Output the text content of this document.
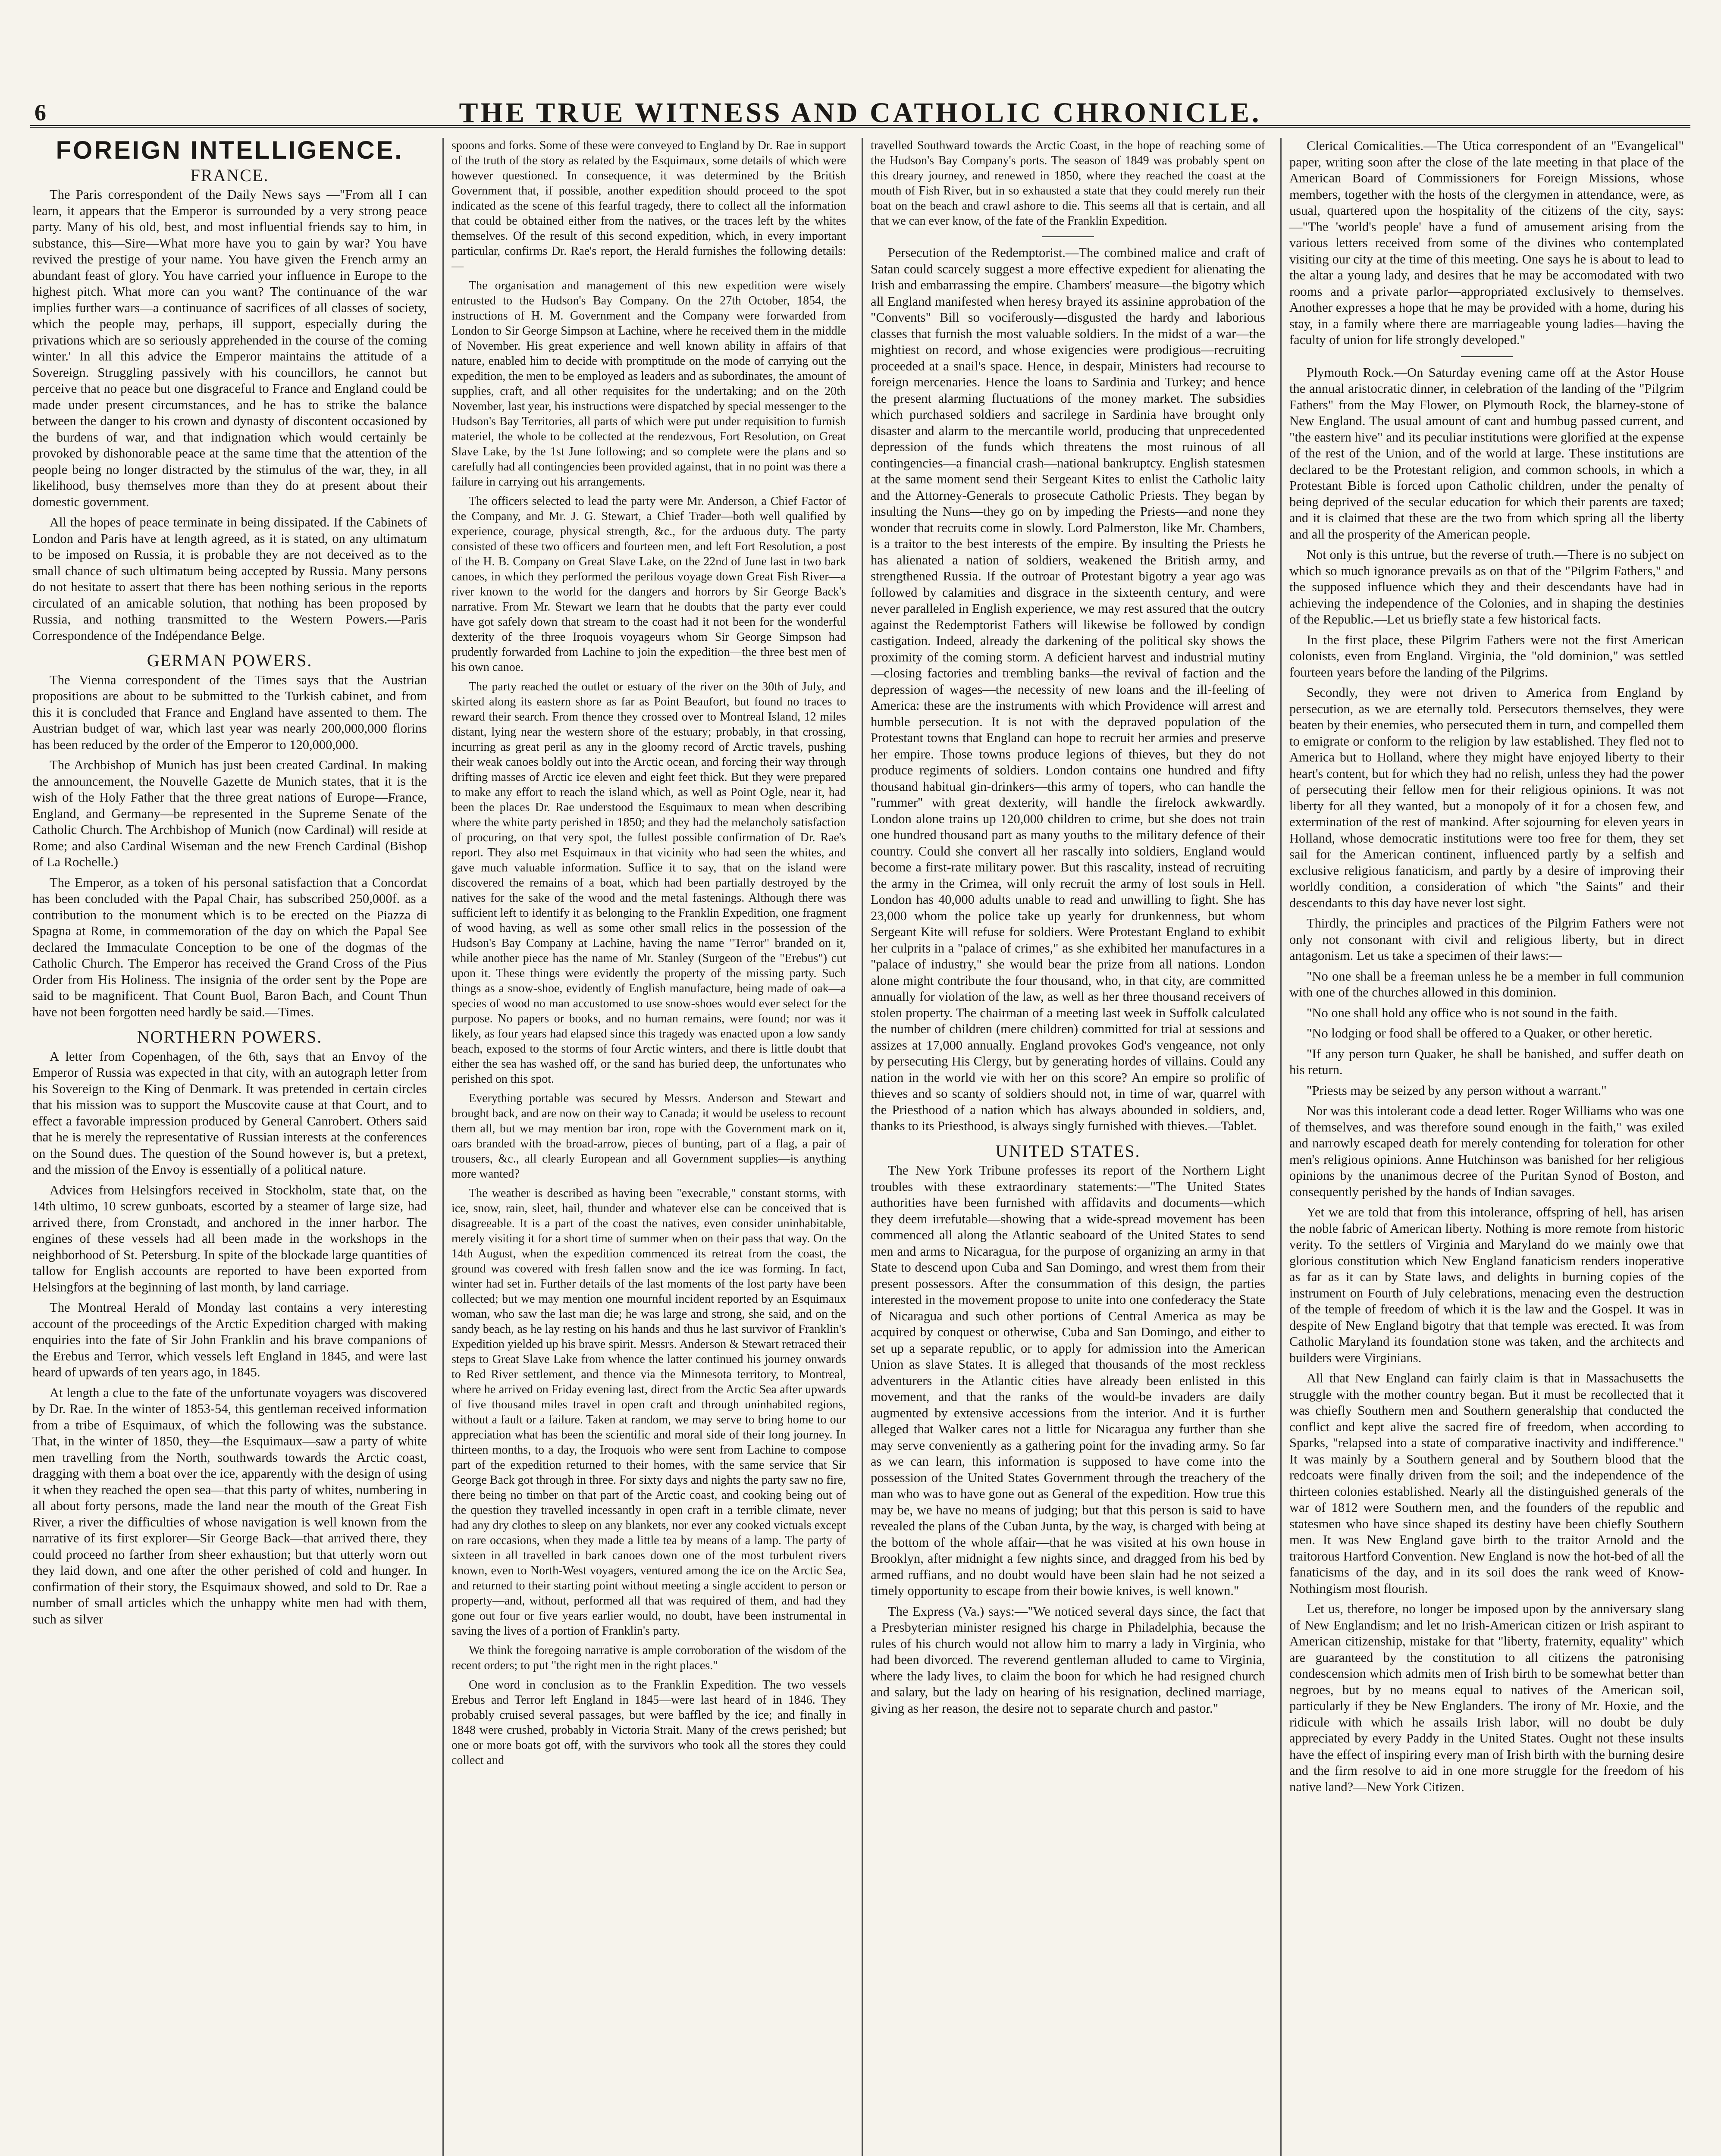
6	THE TRUE WITNESS AND CATHOLIC CHRONICLE.
FOREIGN INTELLIGENCE.
FRANCE.

The Paris correspondent of the Daily News says —"From all I can learn, it appears that the Emperor is surrounded by a very strong peace party. Many of his old, best, and most influential friends say to him, in substance, this—Sire—What more have you to gain by war? You have revived the prestige of your name. You have given the French army an abundant feast of glory. You have carried your influence in Europe to the highest pitch. What more can you want? The continuance of the war implies further wars—a continuance of sacrifices of all classes of society, which the people may, perhaps, ill support, especially during the privations which are so seriously apprehended in the course of the coming winter.' In all this advice the Emperor maintains the attitude of a Sovereign. Struggling passively with his councillors, he cannot but perceive that no peace but one disgraceful to France and England could be made under present circumstances, and he has to strike the balance between the danger to his crown and dynasty of discontent occasioned by the burdens of war, and that indignation which would certainly be provoked by dishonorable peace at the same time that the attention of the people being no longer distracted by the stimulus of the war, they, in all likelihood, busy themselves more than they do at present about their domestic government.

All the hopes of peace terminate in being dissipated. If the Cabinets of London and Paris have at length agreed, as it is stated, on any ultimatum to be imposed on Russia, it is probable they are not deceived as to the small chance of such ultimatum being accepted by Russia. Many persons do not hesitate to assert that there has been nothing serious in the reports circulated of an amicable solution, that nothing has been proposed by Russia, and nothing transmitted to the Western Powers.—Paris Correspondence of the Indépendance Belge.

GERMAN POWERS.

The Vienna correspondent of the Times says that the Austrian propositions are about to be submitted to the Turkish cabinet, and from this it is concluded that France and England have assented to them. The Austrian budget of war, which last year was nearly 200,000,000 florins has been reduced by the order of the Emperor to 120,000,000.

The Archbishop of Munich has just been created Cardinal. In making the announcement, the Nouvelle Gazette de Munich states, that it is the wish of the Holy Father that the three great nations of Europe—France, England, and Germany—be represented in the Supreme Senate of the Catholic Church. The Archbishop of Munich (now Cardinal) will reside at Rome; and also Cardinal Wiseman and the new French Cardinal (Bishop of La Rochelle.)

The Emperor, as a token of his personal satisfaction that a Concordat has been concluded with the Papal Chair, has subscribed 250,000f. as a contribution to the monument which is to be erected on the Piazza di Spagna at Rome, in commemoration of the day on which the Papal See declared the Immaculate Conception to be one of the dogmas of the Catholic Church. The Emperor has received the Grand Cross of the Pius Order from His Holiness. The insignia of the order sent by the Pope are said to be magnificent. That Count Buol, Baron Bach, and Count Thun have not been forgotten need hardly be said.—Times.

NORTHERN POWERS.

A letter from Copenhagen, of the 6th, says that an Envoy of the Emperor of Russia was expected in that city, with an autograph letter from his Sovereign to the King of Denmark. It was pretended in certain circles that his mission was to support the Muscovite cause at that Court, and to effect a favorable impression produced by General Canrobert. Others said that he is merely the representative of Russian interests at the conferences on the Sound dues. The question of the Sound however is, but a pretext, and the mission of the Envoy is essentially of a political nature.

Advices from Helsingfors received in Stockholm, state that, on the 14th ultimo, 10 screw gunboats, escorted by a steamer of large size, had arrived there, from Cronstadt, and anchored in the inner harbor. The engines of these vessels had all been made in the workshops in the neighborhood of St. Petersburg. In spite of the blockade large quantities of tallow for English accounts are reported to have been exported from Helsingfors at the beginning of last month, by land carriage.

The Montreal Herald of Monday last contains a very interesting account of the proceedings of the Arctic Expedition charged with making enquiries into the fate of Sir John Franklin and his brave companions of the Erebus and Terror, which vessels left England in 1845, and were last heard of upwards of ten years ago, in 1845.

At length a clue to the fate of the unfortunate voyagers was discovered by Dr. Rae. In the winter of 1853-54, this gentleman received information from a tribe of Esquimaux, of which the following was the substance. That, in the winter of 1850, they—the Esquimaux—saw a party of white men travelling from the North, southwards towards the Arctic coast, dragging with them a boat over the ice, apparently with the design of using it when they reached the open sea—that this party of whites, numbering in all about forty persons, made the land near the mouth of the Great Fish River, a river the difficulties of whose navigation is well known from the narrative of its first explorer—Sir George Back—that arrived there, they could proceed no farther from sheer exhaustion; but that utterly worn out they laid down, and one after the other perished of cold and hunger. In confirmation of their story, the Esquimaux showed, and sold to Dr. Rae a number of small articles which the unhappy white men had with them, such as silver

spoons and forks. Some of these were conveyed to England by Dr. Rae in support of the truth of the story as related by the Esquimaux, some details of which were however questioned. In consequence, it was determined by the British Government that, if possible, another expedition should proceed to the spot indicated as the scene of this fearful tragedy, there to collect all the information that could be obtained either from the natives, or the traces left by the whites themselves. Of the result of this second expedition, which, in every important particular, confirms Dr. Rae's report, the Herald furnishes the following details:—

The organisation and management of this new expedition were wisely entrusted to the Hudson's Bay Company. On the 27th October, 1854, the instructions of H. M. Government and the Company were forwarded from London to Sir George Simpson at Lachine, where he received them in the middle of November. His great experience and well known ability in affairs of that nature, enabled him to decide with promptitude on the mode of carrying out the expedition, the men to be employed as leaders and as subordinates, the amount of supplies, craft, and all other requisites for the undertaking; and on the 20th November, last year, his instructions were dispatched by special messenger to the Hudson's Bay Territories, all parts of which were put under requisition to furnish materiel, the whole to be collected at the rendezvous, Fort Resolution, on Great Slave Lake, by the 1st June following; and so complete were the plans and so carefully had all contingencies been provided against, that in no point was there a failure in carrying out his arrangements.

The officers selected to lead the party were Mr. Anderson, a Chief Factor of the Company, and Mr. J. G. Stewart, a Chief Trader—both well qualified by experience, courage, physical strength, &c., for the arduous duty. The party consisted of these two officers and fourteen men, and left Fort Resolution, a post of the H. B. Company on Great Slave Lake, on the 22nd of June last in two bark canoes, in which they performed the perilous voyage down Great Fish River—a river known to the world for the dangers and horrors by Sir George Back's narrative. From Mr. Stewart we learn that he doubts that the party ever could have got safely down that stream to the coast had it not been for the wonderful dexterity of the three Iroquois voyageurs whom Sir George Simpson had prudently forwarded from Lachine to join the expedition—the three best men of his own canoe.

The party reached the outlet or estuary of the river on the 30th of July, and skirted along its eastern shore as far as Point Beaufort, but found no traces to reward their search. From thence they crossed over to Montreal Island, 12 miles distant, lying near the western shore of the estuary; probably, in that crossing, incurring as great peril as any in the gloomy record of Arctic travels, pushing their weak canoes boldly out into the Arctic ocean, and forcing their way through drifting masses of Arctic ice eleven and eight feet thick. But they were prepared to make any effort to reach the island which, as well as Point Ogle, near it, had been the places Dr. Rae understood the Esquimaux to mean when describing where the white party perished in 1850; and they had the melancholy satisfaction of procuring, on that very spot, the fullest possible confirmation of Dr. Rae's report. They also met Esquimaux in that vicinity who had seen the whites, and gave much valuable information. Suffice it to say, that on the island were discovered the remains of a boat, which had been partially destroyed by the natives for the sake of the wood and the metal fastenings. Although there was sufficient left to identify it as belonging to the Franklin Expedition, one fragment of wood having, as well as some other small relics in the possession of the Hudson's Bay Company at Lachine, having the name "Terror" branded on it, while another piece has the name of Mr. Stanley (Surgeon of the "Erebus") cut upon it. These things were evidently the property of the missing party. Such things as a snow-shoe, evidently of English manufacture, being made of oak—a species of wood no man accustomed to use snow-shoes would ever select for the purpose. No papers or books, and no human remains, were found; nor was it likely, as four years had elapsed since this tragedy was enacted upon a low sandy beach, exposed to the storms of four Arctic winters, and there is little doubt that either the sea has washed off, or the sand has buried deep, the unfortunates who perished on this spot.

Everything portable was secured by Messrs. Anderson and Stewart and brought back, and are now on their way to Canada; it would be useless to recount them all, but we may mention bar iron, rope with the Government mark on it, oars branded with the broad-arrow, pieces of bunting, part of a flag, a pair of trousers, &c., all clearly European and all Government supplies—is anything more wanted?

The weather is described as having been "execrable," constant storms, with ice, snow, rain, sleet, hail, thunder and whatever else can be conceived that is disagreeable. It is a part of the coast the natives, even consider uninhabitable, merely visiting it for a short time of summer when on their pass that way. On the 14th August, when the expedition commenced its retreat from the coast, the ground was covered with fresh fallen snow and the ice was forming. In fact, winter had set in. Further details of the last moments of the lost party have been collected; but we may mention one mournful incident reported by an Esquimaux woman, who saw the last man die; he was large and strong, she said, and on the sandy beach, as he lay resting on his hands and thus he last survivor of Franklin's Expedition yielded up his brave spirit. Messrs. Anderson & Stewart retraced their steps to Great Slave Lake from whence the latter continued his journey onwards to Red River settlement, and thence via the Minnesota territory, to Montreal, where he arrived on Friday evening last, direct from the Arctic Sea after upwards of five thousand miles travel in open craft and through uninhabited regions, without a fault or a failure. Taken at random, we may serve to bring home to our appreciation what has been the scientific and moral side of their long journey. In thirteen months, to a day, the Iroquois who were sent from Lachine to compose part of the expedition returned to their homes, with the same service that Sir George Back got through in three. For sixty days and nights the party saw no fire, there being no timber on that part of the Arctic coast, and cooking being out of the question they travelled incessantly in open craft in a terrible climate, never had any dry clothes to sleep on any blankets, nor ever any cooked victuals except on rare occasions, when they made a little tea by means of a lamp. The party of sixteen in all travelled in bark canoes down one of the most turbulent rivers known, even to North-West voyagers, ventured among the ice on the Arctic Sea, and returned to their starting point without meeting a single accident to person or property—and, without, performed all that was required of them, and had they gone out four or five years earlier would, no doubt, have been instrumental in saving the lives of a portion of Franklin's party.

We think the foregoing narrative is ample corroboration of the wisdom of the recent orders; to put "the right men in the right places."

One word in conclusion as to the Franklin Expedition. The two vessels Erebus and Terror left England in 1845—were last heard of in 1846. They probably cruised several passages, but were baffled by the ice; and finally in 1848 were crushed, probably in Victoria Strait. Many of the crews perished; but one or more boats got off, with the survivors who took all the stores they could collect and

travelled Southward towards the Arctic Coast, in the hope of reaching some of the Hudson's Bay Company's ports. The season of 1849 was probably spent on this dreary journey, and renewed in 1850, where they reached the coast at the mouth of Fish River, but in so exhausted a state that they could merely run their boat on the beach and crawl ashore to die. This seems all that is certain, and all that we can ever know, of the fate of the Franklin Expedition.

Persecution of the Redemptorist.—The combined malice and craft of Satan could scarcely suggest a more effective expedient for alienating the Irish and embarrassing the empire. Chambers' measure—the bigotry which all England manifested when heresy brayed its assinine approbation of the "Convents" Bill so vociferously—disgusted the hardy and laborious classes that furnish the most valuable soldiers. In the midst of a war—the mightiest on record, and whose exigencies were prodigious—recruiting proceeded at a snail's space. Hence, in despair, Ministers had recourse to foreign mercenaries. Hence the loans to Sardinia and Turkey; and hence the present alarming fluctuations of the money market. The subsidies which purchased soldiers and sacrilege in Sardinia have brought only disaster and alarm to the mercantile world, producing that unprecedented depression of the funds which threatens the most ruinous of all contingencies—a financial crash—national bankruptcy. English statesmen at the same moment send their Sergeant Kites to enlist the Catholic laity and the Attorney-Generals to prosecute Catholic Priests. They began by insulting the Nuns—they go on by impeding the Priests—and none they wonder that recruits come in slowly. Lord Palmerston, like Mr. Chambers, is a traitor to the best interests of the empire. By insulting the Priests he has alienated a nation of soldiers, weakened the British army, and strengthened Russia. If the outroar of Protestant bigotry a year ago was followed by calamities and disgrace in the sixteenth century, and were never paralleled in English experience, we may rest assured that the outcry against the Redemptorist Fathers will likewise be followed by condign castigation. Indeed, already the darkening of the political sky shows the proximity of the coming storm. A deficient harvest and industrial mutiny—closing factories and trembling banks—the revival of faction and the depression of wages—the necessity of new loans and the ill-feeling of America: these are the instruments with which Providence will arrest and humble persecution. It is not with the depraved population of the Protestant towns that England can hope to recruit her armies and preserve her empire. Those towns produce legions of thieves, but they do not produce regiments of soldiers. London contains one hundred and fifty thousand habitual gin-drinkers—this army of topers, who can handle the "rummer" with great dexterity, will handle the firelock awkwardly. London alone trains up 120,000 children to crime, but she does not train one hundred thousand part as many youths to the military defence of their country. Could she convert all her rascally into soldiers, England would become a first-rate military power. But this rascality, instead of recruiting the army in the Crimea, will only recruit the army of lost souls in Hell. London has 40,000 adults unable to read and unwilling to fight. She has 23,000 whom the police take up yearly for drunkenness, but whom Sergeant Kite will refuse for soldiers. Were Protestant England to exhibit her culprits in a "palace of crimes," as she exhibited her manufactures in a "palace of industry," she would bear the prize from all nations. London alone might contribute the four thousand, who, in that city, are committed annually for violation of the law, as well as her three thousand receivers of stolen property. The chairman of a meeting last week in Suffolk calculated the number of children (mere children) committed for trial at sessions and assizes at 17,000 annually. England provokes God's vengeance, not only by persecuting His Clergy, but by generating hordes of villains. Could any nation in the world vie with her on this score? An empire so prolific of thieves and so scanty of soldiers should not, in time of war, quarrel with the Priesthood of a nation which has always abounded in soldiers, and, thanks to its Priesthood, is always singly furnished with thieves.—Tablet.

UNITED STATES.

The New York Tribune professes its report of the Northern Light troubles with these extraordinary statements:—"The United States authorities have been furnished with affidavits and documents—which they deem irrefutable—showing that a wide-spread movement has been commenced all along the Atlantic seaboard of the United States to send men and arms to Nicaragua, for the purpose of organizing an army in that State to descend upon Cuba and San Domingo, and wrest them from their present possessors. After the consummation of this design, the parties interested in the movement propose to unite into one confederacy the State of Nicaragua and such other portions of Central America as may be acquired by conquest or otherwise, Cuba and San Domingo, and either to set up a separate republic, or to apply for admission into the American Union as slave States. It is alleged that thousands of the most reckless adventurers in the Atlantic cities have already been enlisted in this movement, and that the ranks of the would-be invaders are daily augmented by extensive accessions from the interior. And it is further alleged that Walker cares not a little for Nicaragua any further than she may serve conveniently as a gathering point for the invading army. So far as we can learn, this information is supposed to have come into the possession of the United States Government through the treachery of the man who was to have gone out as General of the expedition. How true this may be, we have no means of judging; but that this person is said to have revealed the plans of the Cuban Junta, by the way, is charged with being at the bottom of the whole affair—that he was visited at his own house in Brooklyn, after midnight a few nights since, and dragged from his bed by armed ruffians, and no doubt would have been slain had he not seized a timely opportunity to escape from their bowie knives, is well known."

The Express (Va.) says:—"We noticed several days since, the fact that a Presbyterian minister resigned his charge in Philadelphia, because the rules of his church would not allow him to marry a lady in Virginia, who had been divorced. The reverend gentleman alluded to came to Virginia, where the lady lives, to claim the boon for which he had resigned church and salary, but the lady on hearing of his resignation, declined marriage, giving as her reason, the desire not to separate church and pastor."

Clerical Comicalities.—The Utica correspondent of an "Evangelical" paper, writing soon after the close of the late meeting in that place of the American Board of Commissioners for Foreign Missions, whose members, together with the hosts of the clergymen in attendance, were, as usual, quartered upon the hospitality of the citizens of the city, says:—"The 'world's people' have a fund of amusement arising from the various letters received from some of the divines who contemplated visiting our city at the time of this meeting. One says he is about to lead to the altar a young lady, and desires that he may be accomodated with two rooms and a private parlor—appropriated exclusively to themselves. Another expresses a hope that he may be provided with a home, during his stay, in a family where there are marriageable young ladies—having the faculty of union for life strongly developed."

Plymouth Rock.—On Saturday evening came off at the Astor House the annual aristocratic dinner, in celebration of the landing of the "Pilgrim Fathers" from the May Flower, on Plymouth Rock, the blarney-stone of New England. The usual amount of cant and humbug passed current, and "the eastern hive" and its peculiar institutions were glorified at the expense of the rest of the Union, and of the world at large. These institutions are declared to be the Protestant religion, and common schools, in which a Protestant Bible is forced upon Catholic children, under the penalty of being deprived of the secular education for which their parents are taxed; and it is claimed that these are the two from which spring all the liberty and all the prosperity of the American people.

Not only is this untrue, but the reverse of truth.—There is no subject on which so much ignorance prevails as on that of the "Pilgrim Fathers," and the supposed influence which they and their descendants have had in achieving the independence of the Colonies, and in shaping the destinies of the Republic.—Let us briefly state a few historical facts.

In the first place, these Pilgrim Fathers were not the first American colonists, even from England. Virginia, the "old dominion," was settled fourteen years before the landing of the Pilgrims.

Secondly, they were not driven to America from England by persecution, as we are eternally told. Persecutors themselves, they were beaten by their enemies, who persecuted them in turn, and compelled them to emigrate or conform to the religion by law established. They fled not to America but to Holland, where they might have enjoyed liberty to their heart's content, but for which they had no relish, unless they had the power of persecuting their fellow men for their religious opinions. It was not liberty for all they wanted, but a monopoly of it for a chosen few, and extermination of the rest of mankind. After sojourning for eleven years in Holland, whose democratic institutions were too free for them, they set sail for the American continent, influenced partly by a selfish and exclusive religious fanaticism, and partly by a desire of improving their worldly condition, a consideration of which "the Saints" and their descendants to this day have never lost sight.

Thirdly, the principles and practices of the Pilgrim Fathers were not only not consonant with civil and religious liberty, but in direct antagonism. Let us take a specimen of their laws:—

"No one shall be a freeman unless he be a member in full communion with one of the churches allowed in this dominion.

"No one shall hold any office who is not sound in the faith.

"No lodging or food shall be offered to a Quaker, or other heretic.

"If any person turn Quaker, he shall be banished, and suffer death on his return.

"Priests may be seized by any person without a warrant."

Nor was this intolerant code a dead letter. Roger Williams who was one of themselves, and was therefore sound enough in the faith," was exiled and narrowly escaped death for merely contending for toleration for other men's religious opinions. Anne Hutchinson was banished for her religious opinions by the unanimous decree of the Puritan Synod of Boston, and consequently perished by the hands of Indian savages.

Yet we are told that from this intolerance, offspring of hell, has arisen the noble fabric of American liberty. Nothing is more remote from historic verity. To the settlers of Virginia and Maryland do we mainly owe that glorious constitution which New England fanaticism renders inoperative as far as it can by State laws, and delights in burning copies of the instrument on Fourth of July celebrations, menacing even the destruction of the temple of freedom of which it is the law and the Gospel. It was in despite of New England bigotry that that temple was erected. It was from Catholic Maryland its foundation stone was taken, and the architects and builders were Virginians.

All that New England can fairly claim is that in Massachusetts the struggle with the mother country began. But it must be recollected that it was chiefly Southern men and Southern generalship that conducted the conflict and kept alive the sacred fire of freedom, when according to Sparks, "relapsed into a state of comparative inactivity and indifference." It was mainly by a Southern general and by Southern blood that the redcoats were finally driven from the soil; and the independence of the thirteen colonies established. Nearly all the distinguished generals of the war of 1812 were Southern men, and the founders of the republic and statesmen who have since shaped its destiny have been chiefly Southern men. It was New England gave birth to the traitor Arnold and the traitorous Hartford Convention. New England is now the hot-bed of all the fanaticisms of the day, and in its soil does the rank weed of Know-Nothingism most flourish.

Let us, therefore, no longer be imposed upon by the anniversary slang of New Englandism; and let no Irish-American citizen or Irish aspirant to American citizenship, mistake for that "liberty, fraternity, equality" which are guaranteed by the constitution to all citizens the patronising condescension which admits men of Irish birth to be somewhat better than negroes, but by no means equal to natives of the American soil, particularly if they be New Englanders. The irony of Mr. Hoxie, and the ridicule with which he assails Irish labor, will no doubt be duly appreciated by every Paddy in the United States. Ought not these insults have the effect of inspiring every man of Irish birth with the burning desire and the firm resolve to aid in one more struggle for the freedom of his native land?—New York Citizen.
